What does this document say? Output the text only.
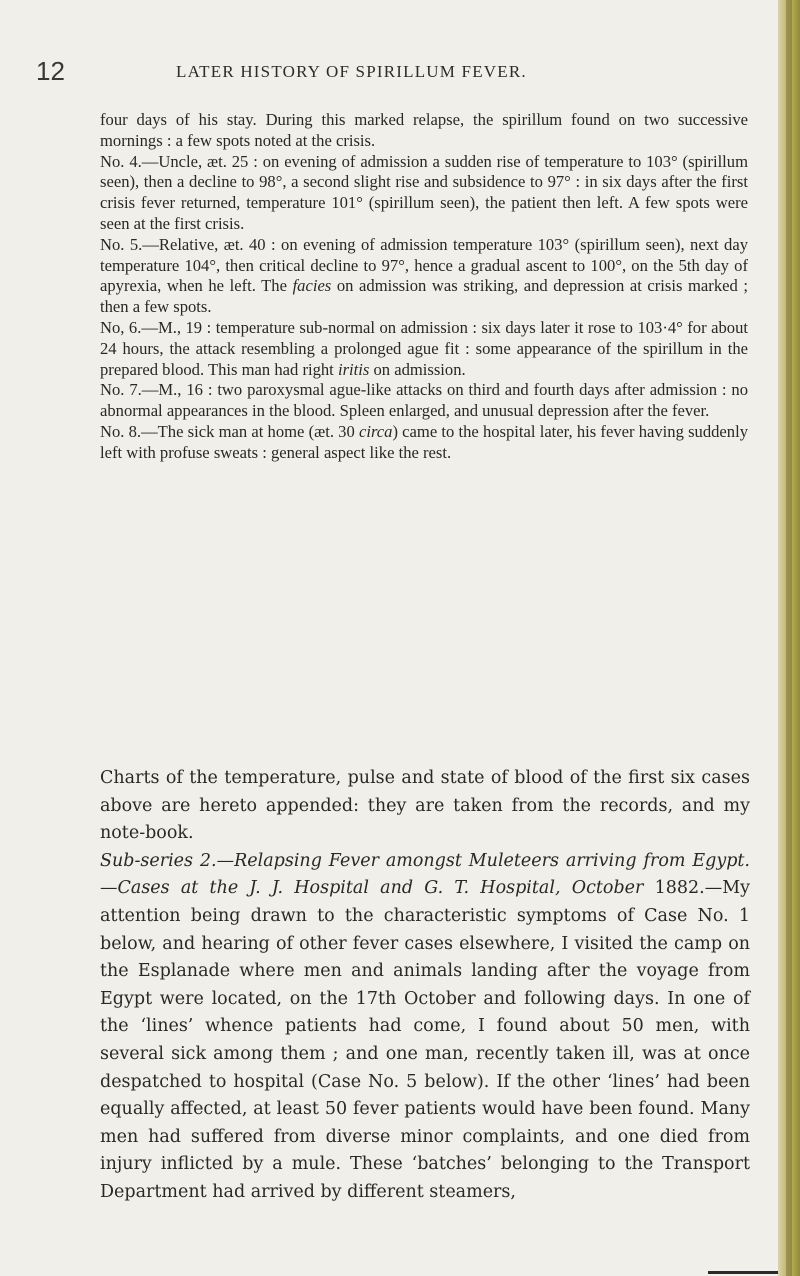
12	LATER HISTORY OF SPIRILLUM FEVER.

four days of his stay. During this marked relapse, the spirillum found on two successive mornings : a few spots noted at the crisis.

No. 4.—Uncle, æt. 25 : on evening of admission a sudden rise of temperature to 103° (spirillum seen), then a decline to 98°, a second slight rise and subsidence to 97° : in six days after the first crisis fever returned, temperature 101° (spirillum seen), the patient then left. A few spots were seen at the first crisis.

No. 5.—Relative, æt. 40 : on evening of admission temperature 103° (spirillum seen), next day temperature 104°, then critical decline to 97°, hence a gradual ascent to 100°, on the 5th day of apyrexia, when he left. The facies on admission was striking, and depression at crisis marked ; then a few spots.

No, 6.—M., 19 : temperature sub-normal on admission : six days later it rose to 103·4° for about 24 hours, the attack resembling a prolonged ague fit : some appearance of the spirillum in the prepared blood. This man had right iritis on admission.

No. 7.—M., 16 : two paroxysmal ague-like attacks on third and fourth days after admission : no abnormal appearances in the blood. Spleen enlarged, and unusual depression after the fever.

No. 8.—The sick man at home (æt. 30 circa) came to the hospital later, his fever having suddenly left with profuse sweats : general aspect like the rest.

Charts of the temperature, pulse and state of blood of the first six cases above are hereto appended: they are taken from the records, and my note-book.

Sub-series 2.—Relapsing Fever amongst Muleteers arriving from Egypt.—Cases at the J. J. Hospital and G. T. Hospital, October 1882.—My attention being drawn to the characteristic symptoms of Case No. 1 below, and hearing of other fever cases elsewhere, I visited the camp on the Esplanade where men and animals landing after the voyage from Egypt were located, on the 17th October and following days. In one of the ‘lines’ whence patients had come, I found about 50 men, with several sick among them ; and one man, recently taken ill, was at once despatched to hospital (Case No. 5 below). If the other ‘lines’ had been equally affected, at least 50 fever patients would have been found. Many men had suffered from diverse minor complaints, and one died from injury inflicted by a mule. These ‘batches’ belonging to the Transport Department had arrived by different steamers,
